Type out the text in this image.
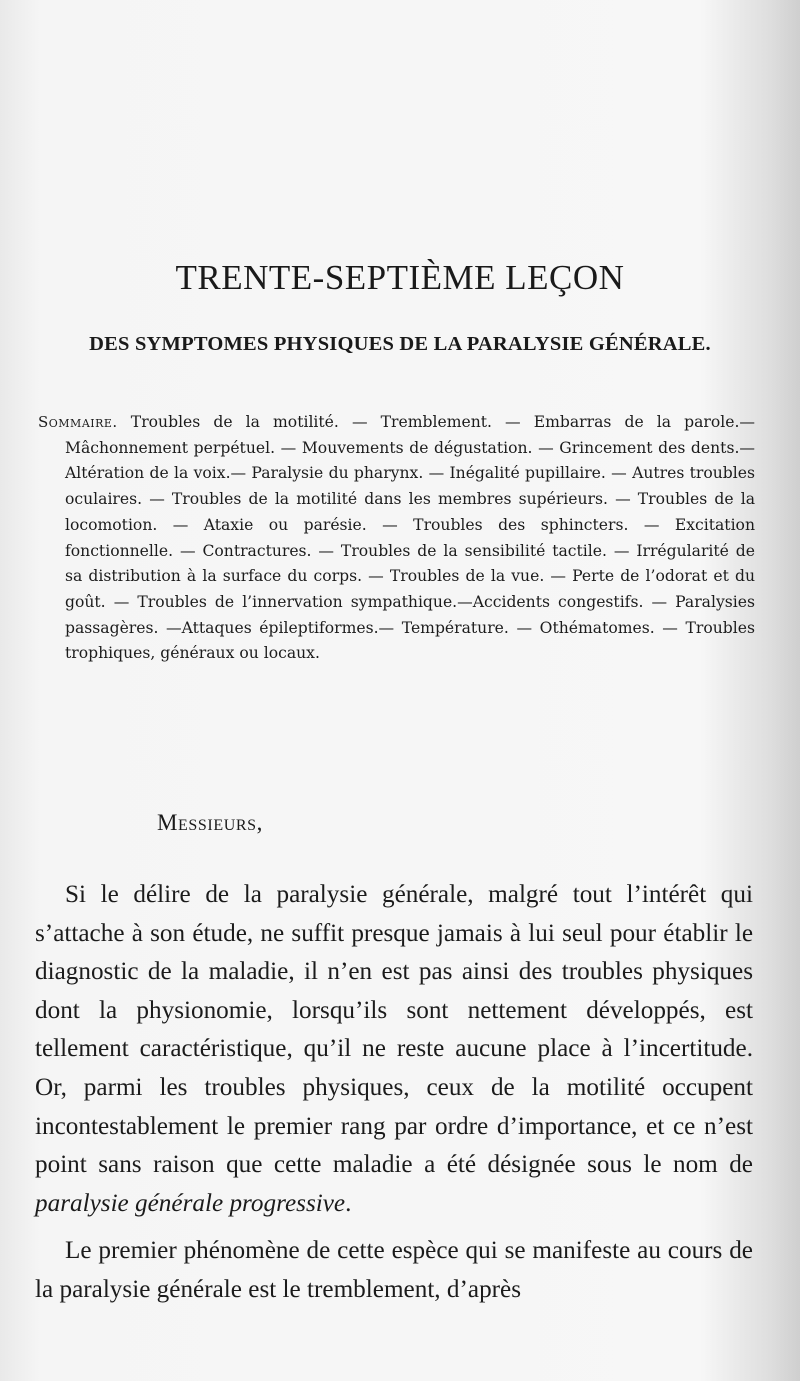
TRENTE-SEPTIÈME LEÇON
DES SYMPTOMES PHYSIQUES DE LA PARALYSIE GÉNÉRALE.
Sommaire. Troubles de la motilité. — Tremblement. — Embarras de la parole.— Mâchonnement perpétuel. — Mouvements de dégustation. — Grincement des dents.— Altération de la voix.— Paralysie du pharynx. — Inégalité pupillaire. — Autres troubles oculaires. — Troubles de la motilité dans les membres supérieurs. — Troubles de la locomotion. — Ataxie ou parésie. — Troubles des sphincters. — Excitation fonctionnelle. — Contractures. — Troubles de la sensibilité tactile. — Irrégularité de sa distribution à la surface du corps. — Troubles de la vue. — Perte de l’odorat et du goût. — Troubles de l’innervation sympathique.—Accidents congestifs. — Paralysies passagères. —Attaques épileptiformes.— Température. — Othématomes. — Troubles trophiques, généraux ou locaux.
Messieurs,

Si le délire de la paralysie générale, malgré tout l’intérêt qui s’attache à son étude, ne suffit presque jamais à lui seul pour établir le diagnostic de la maladie, il n’en est pas ainsi des troubles physiques dont la physionomie, lorsqu’ils sont nettement développés, est tellement caractéristique, qu’il ne reste aucune place à l’incertitude. Or, parmi les troubles physiques, ceux de la motilité occupent incontestablement le premier rang par ordre d’importance, et ce n’est point sans raison que cette maladie a été désignée sous le nom de paralysie générale progressive.

Le premier phénomène de cette espèce qui se manifeste au cours de la paralysie générale est le tremblement, d’après
